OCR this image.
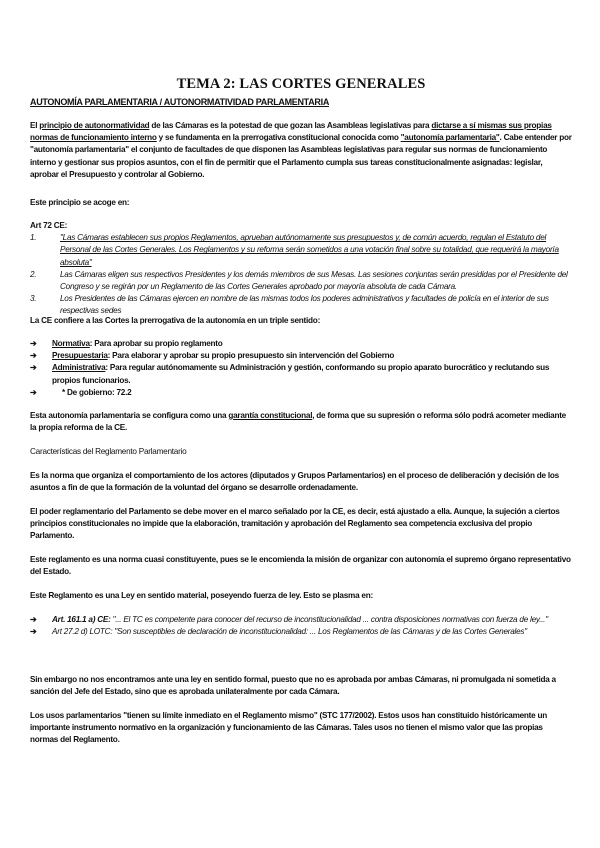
TEMA 2: LAS CORTES GENERALES
AUTONOMÍA PARLAMENTARIA / AUTONORMATIVIDAD PARLAMENTARIA
El principio de autonormatividad de las Cámaras es la potestad de que gozan las Asambleas legislativas para dictarse a sí mismas sus propias normas de funcionamiento interno y se fundamenta en la prerrogativa constitucional conocida como "autonomía parlamentaria". Cabe entender por "autonomía parlamentaria" el conjunto de facultades de que disponen las Asambleas legislativas para regular sus normas de funcionamiento interno y gestionar sus propios asuntos, con el fin de permitir que el Parlamento cumpla sus tareas constitucionalmente asignadas: legislar, aprobar el Presupuesto y controlar al Gobierno.
Este principio se acoge en:
Art 72 CE:
1.	"Las Cámaras establecen sus propios Reglamentos, aprueban autónomamente sus presupuestos y, de común acuerdo, regulan el Estatuto del Personal de las Cortes Generales. Los Reglamentos y su reforma serán sometidos a una votación final sobre su totalidad, que requerirá la mayoría absoluta"
2.	Las Cámaras eligen sus respectivos Presidentes y los demás miembros de sus Mesas. Las sesiones conjuntas serán presididas por el Presidente del Congreso y se regirán por un Reglamento de las Cortes Generales aprobado por mayoría absoluta de cada Cámara.
3.	Los Presidentes de las Cámaras ejercen en nombre de las mismas todos los poderes administrativos y facultades de policía en el interior de sus respectivas sedes
La CE confiere a las Cortes la prerrogativa de la autonomía en un triple sentido:
➔	Normativa: Para aprobar su propio reglamento
➔	Presupuestaria: Para elaborar y aprobar su propio presupuesto sin intervención del Gobierno
➔	Administrativa: Para regular autónomamente su Administración y gestión, conformando su propio aparato burocrático y reclutando sus propios funcionarios.
➔	* De gobierno: 72.2
Esta autonomía parlamentaria se configura como una garantía constitucional, de forma que su supresión o reforma sólo podrá acometer mediante la propia reforma de la CE.
Características del Reglamento Parlamentario
Es la norma que organiza el comportamiento de los actores (diputados y Grupos Parlamentarios) en el proceso de deliberación y decisión de los asuntos a fin de que la formación de la voluntad del órgano se desarrolle ordenadamente.
El poder reglamentario del Parlamento se debe mover en el marco señalado por la CE, es decir, está ajustado a ella. Aunque, la sujeción a ciertos principios constitucionales no impide que la elaboración, tramitación y aprobación del Reglamento sea competencia exclusiva del propio Parlamento.
Este reglamento es una norma cuasi constituyente, pues se le encomienda la misión de organizar con autonomía el supremo órgano representativo del Estado.
Este Reglamento es una Ley en sentido material, poseyendo fuerza de ley. Esto se plasma en:
➔	Art. 161.1 a) CE: "... El TC es competente para conocer del recurso de inconstitucionalidad ... contra disposiciones normativas con fuerza de ley..."
➔	Art 27.2 d) LOTC: "Son susceptibles de declaración de inconstitucionalidad: ... Los Reglamentos de las Cámaras y de las Cortes Generales"
Sin embargo no nos encontramos ante una ley en sentido formal, puesto que no es aprobada por ambas Cámaras, ni promulgada ni sometida a sanción del Jefe del Estado, sino que es aprobada unilateralmente por cada Cámara.
Los usos parlamentarios "tienen su límite inmediato en el Reglamento mismo" (STC 177/2002). Estos usos han constituido históricamente un importante instrumento normativo en la organización y funcionamiento de las Cámaras. Tales usos no tienen el mismo valor que las propias normas del Reglamento.
